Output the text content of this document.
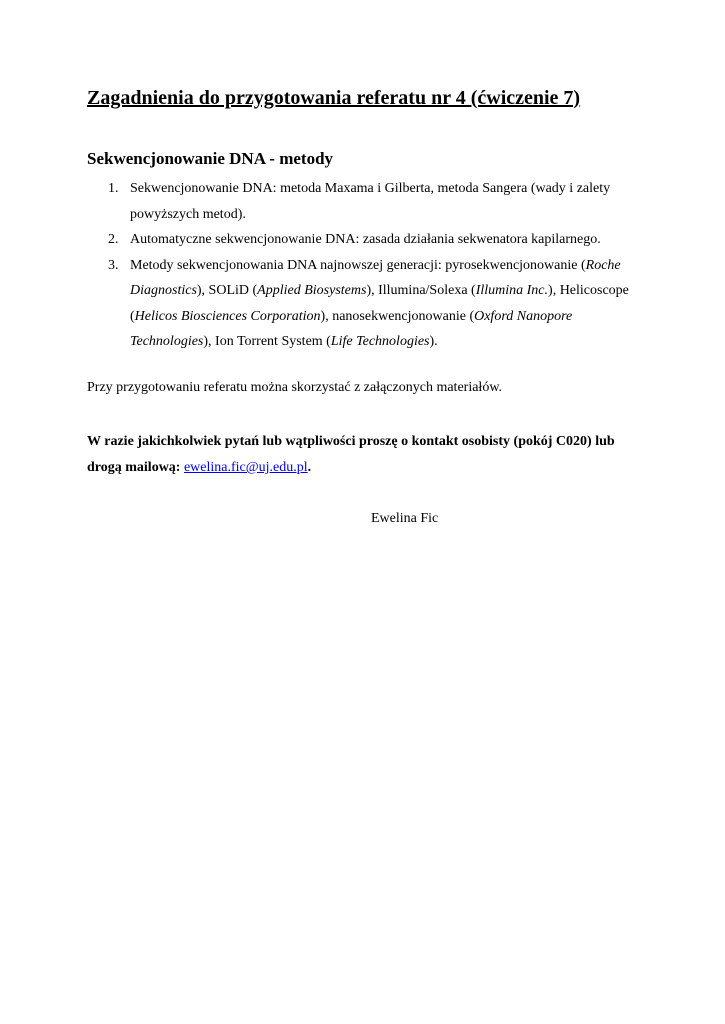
Zagadnienia do przygotowania referatu nr 4 (ćwiczenie 7)
Sekwencjonowanie DNA - metody
1. Sekwencjonowanie DNA: metoda Maxama i Gilberta, metoda Sangera (wady i zalety powyższych metod).
2. Automatyczne sekwencjonowanie DNA: zasada działania sekwenatora kapilarnego.
3. Metody sekwencjonowania DNA najnowszej generacji: pyrosekwencjonowanie (Roche Diagnostics), SOLiD (Applied Biosystems), Illumina/Solexa (Illumina Inc.), Helicoscope (Helicos Biosciences Corporation), nanosekwencjonowanie (Oxford Nanopore Technologies), Ion Torrent System (Life Technologies).

Przy przygotowaniu referatu można skorzystać z załączonych materiałów.

W razie jakichkolwiek pytań lub wątpliwości proszę o kontakt osobisty (pokój C020) lub drogą mailową: ewelina.fic@uj.edu.pl.

Ewelina Fic
